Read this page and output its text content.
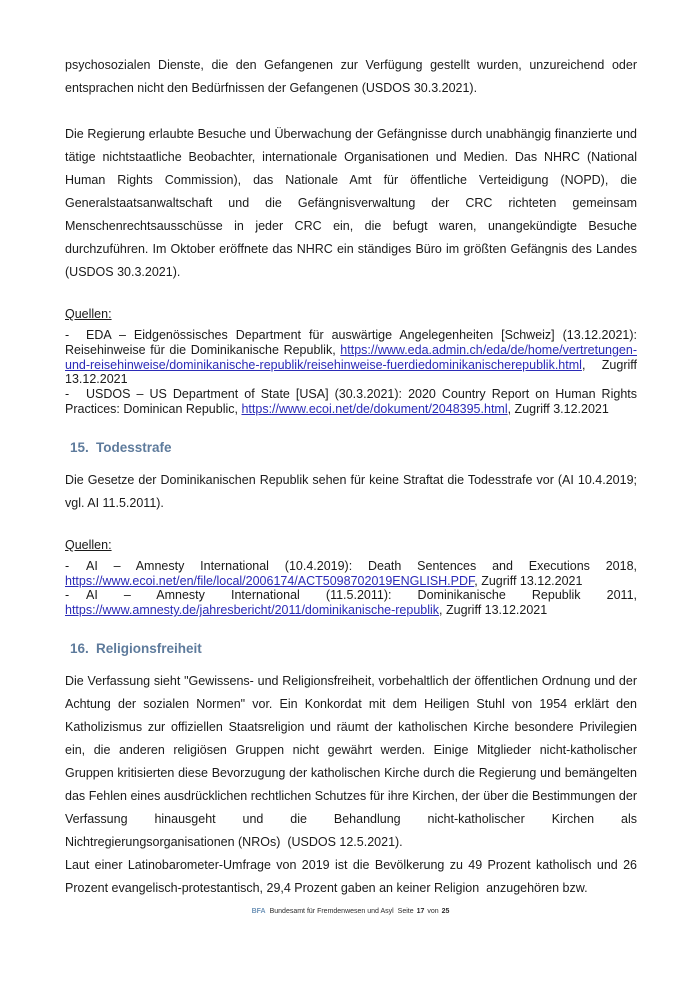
psychosozialen Dienste, die den Gefangenen zur Verfügung gestellt wurden, unzureichend oder entsprachen nicht den Bedürfnissen der Gefangenen (USDOS 30.3.2021).

Die Regierung erlaubte Besuche und Überwachung der Gefängnisse durch unabhängig finanzierte und tätige nichtstaatliche Beobachter, internationale Organisationen und Medien. Das NHRC (National Human Rights Commission), das Nationale Amt für öffentliche Verteidigung (NOPD), die Generalstaatsanwaltschaft und die Gefängnisverwaltung der CRC richteten gemeinsam Menschenrechtsausschüsse in jeder CRC ein, die befugt waren, unangekündigte Besuche durchzuführen. Im Oktober eröffnete das NHRC ein ständiges Büro im größten Gefängnis des Landes (USDOS 30.3.2021).

Quellen:
- EDA – Eidgenössisches Department für auswärtige Angelegenheiten [Schweiz] (13.12.2021): Reisehinweise für die Dominikanische Republik, https://www.eda.admin.ch/eda/de/home/vertretungen-und-reisehinweise/dominikanische-republik/reisehinweise-fuerdiedominikanischerepublik.html, Zugriff 13.12.2021
- USDOS – US Department of State [USA] (30.3.2021): 2020 Country Report on Human Rights Practices: Dominican Republic, https://www.ecoi.net/de/dokument/2048395.html, Zugriff 3.12.2021
15. Todesstrafe

Die Gesetze der Dominikanischen Republik sehen für keine Straftat die Todesstrafe vor (AI 10.4.2019; vgl. AI 11.5.2011).

Quellen:
- AI – Amnesty International (10.4.2019): Death Sentences and Executions 2018, https://www.ecoi.net/en/file/local/2006174/ACT5098702019ENGLISH.PDF, Zugriff 13.12.2021
- AI – Amnesty International (11.5.2011): Dominikanische Republik 2011, https://www.amnesty.de/jahresbericht/2011/dominikanische-republik, Zugriff 13.12.2021
16. Religionsfreiheit

Die Verfassung sieht "Gewissens- und Religionsfreiheit, vorbehaltlich der öffentlichen Ordnung und der Achtung der sozialen Normen" vor. Ein Konkordat mit dem Heiligen Stuhl von 1954 erklärt den Katholizismus zur offiziellen Staatsreligion und räumt der katholischen Kirche besondere Privilegien ein, die anderen religiösen Gruppen nicht gewährt werden. Einige Mitglieder nicht-katholischer Gruppen kritisierten diese Bevorzugung der katholischen Kirche durch die Regierung und bemängelten das Fehlen eines ausdrücklichen rechtlichen Schutzes für ihre Kirchen, der über die Bestimmungen der Verfassung hinausgeht und die Behandlung nicht-katholischer Kirchen als Nichtregierungsorganisationen (NROs)  (USDOS 12.5.2021).

Laut einer Latinobarometer-Umfrage von 2019 ist die Bevölkerung zu 49 Prozent katholisch und 26 Prozent evangelisch-protestantisch, 29,4 Prozent gaben an keiner Religion  anzugehören bzw.

BFA Bundesamt für Fremdenwesen und Asyl Seite 17 von 25
